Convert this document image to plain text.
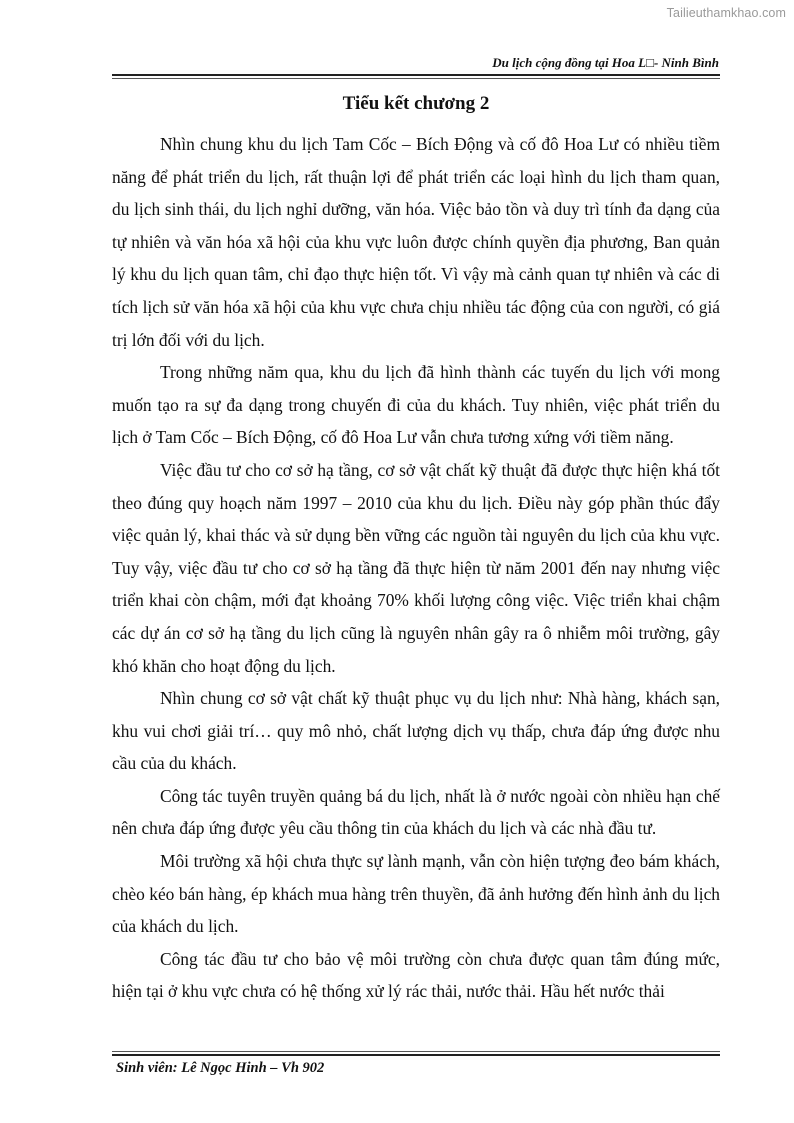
Tailieuthamkhao.com
Du lịch cộng đồng tại Hoa L□- Ninh Bình
Tiểu kết chương 2

Nhìn chung khu du lịch Tam Cốc – Bích Động và cố đô Hoa Lư có nhiều tiềm năng để phát triển du lịch, rất thuận lợi để phát triển các loại hình du lịch tham quan, du lịch sinh thái, du lịch nghỉ dưỡng, văn hóa. Việc bảo tồn và duy trì tính đa dạng của tự nhiên và văn hóa xã hội của khu vực luôn được chính quyền địa phương, Ban quản lý khu du lịch quan tâm, chỉ đạo thực hiện tốt. Vì vậy mà cảnh quan tự nhiên và các di tích lịch sử văn hóa xã hội của khu vực chưa chịu nhiều tác động của con người, có giá trị lớn đối với du lịch.

Trong những năm qua, khu du lịch đã hình thành các tuyến du lịch với mong muốn tạo ra sự đa dạng trong chuyến đi của du khách. Tuy nhiên, việc phát triển du lịch ở Tam Cốc – Bích Động, cố đô Hoa Lư vẫn chưa tương xứng với tiềm năng.

Việc đầu tư cho cơ sở hạ tầng, cơ sở vật chất kỹ thuật đã được thực hiện khá tốt theo đúng quy hoạch năm 1997 – 2010 của khu du lịch. Điều này góp phần thúc đẩy việc quản lý, khai thác và sử dụng bền vững các nguồn tài nguyên du lịch của khu vực. Tuy vậy, việc đầu tư cho cơ sở hạ tầng đã thực hiện từ năm 2001 đến nay nhưng việc triển khai còn chậm, mới đạt khoảng 70% khối lượng công việc. Việc triển khai chậm các dự án cơ sở hạ tầng du lịch cũng là nguyên nhân gây ra ô nhiễm môi trường, gây khó khăn cho hoạt động du lịch.

Nhìn chung cơ sở vật chất kỹ thuật phục vụ du lịch như: Nhà hàng, khách sạn, khu vui chơi giải trí… quy mô nhỏ, chất lượng dịch vụ thấp, chưa đáp ứng được nhu cầu của du khách.

Công tác tuyên truyền quảng bá du lịch, nhất là ở nước ngoài còn nhiều hạn chế nên chưa đáp ứng được yêu cầu thông tin của khách du lịch và các nhà đầu tư.

Môi trường xã hội chưa thực sự lành mạnh, vẫn còn hiện tượng đeo bám khách, chèo kéo bán hàng, ép khách mua hàng trên thuyền, đã ảnh hưởng đến hình ảnh du lịch của khách du lịch.

Công tác đầu tư cho bảo vệ môi trường còn chưa được quan tâm đúng mức, hiện tại ở khu vực chưa có hệ thống xử lý rác thải, nước thải. Hầu hết nước thải

Sinh viên: Lê Ngọc Hinh – Vh 902
